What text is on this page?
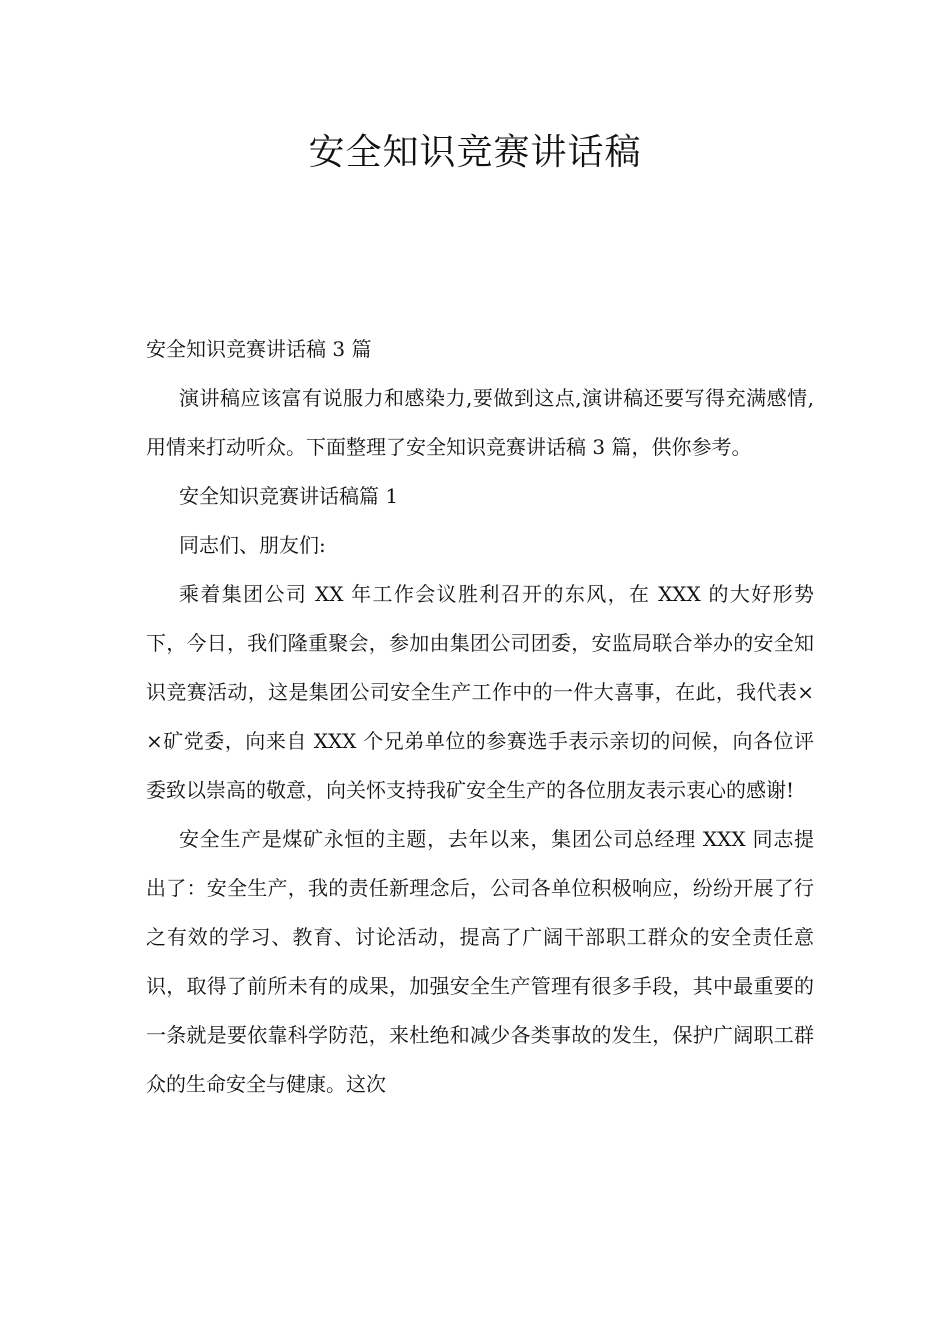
安全知识竞赛讲话稿

安全知识竞赛讲话稿 3 篇

演讲稿应该富有说服力和感染力,要做到这点,演讲稿还要写得充满感情,用情来打动听众。下面整理了安全知识竞赛讲话稿 3 篇，供你参考。

安全知识竞赛讲话稿篇 1

同志们、朋友们:

乘着集团公司 XX 年工作会议胜利召开的东风，在 XXX 的大好形势下，今日，我们隆重聚会，参加由集团公司团委，安监局联合举办的安全知识竞赛活动，这是集团公司安全生产工作中的一件大喜事，在此，我代表××矿党委，向来自 XXX 个兄弟单位的参赛选手表示亲切的问候，向各位评委致以崇高的敬意，向关怀支持我矿安全生产的各位朋友表示衷心的感谢!

安全生产是煤矿永恒的主题，去年以来，集团公司总经理 XXX 同志提出了：安全生产，我的责任新理念后，公司各单位积极响应，纷纷开展了行之有效的学习、教育、讨论活动，提高了广阔干部职工群众的安全责任意识，取得了前所未有的成果，加强安全生产管理有很多手段，其中最重要的一条就是要依靠科学防范，来杜绝和减少各类事故的发生，保护广阔职工群众的生命安全与健康。这次
